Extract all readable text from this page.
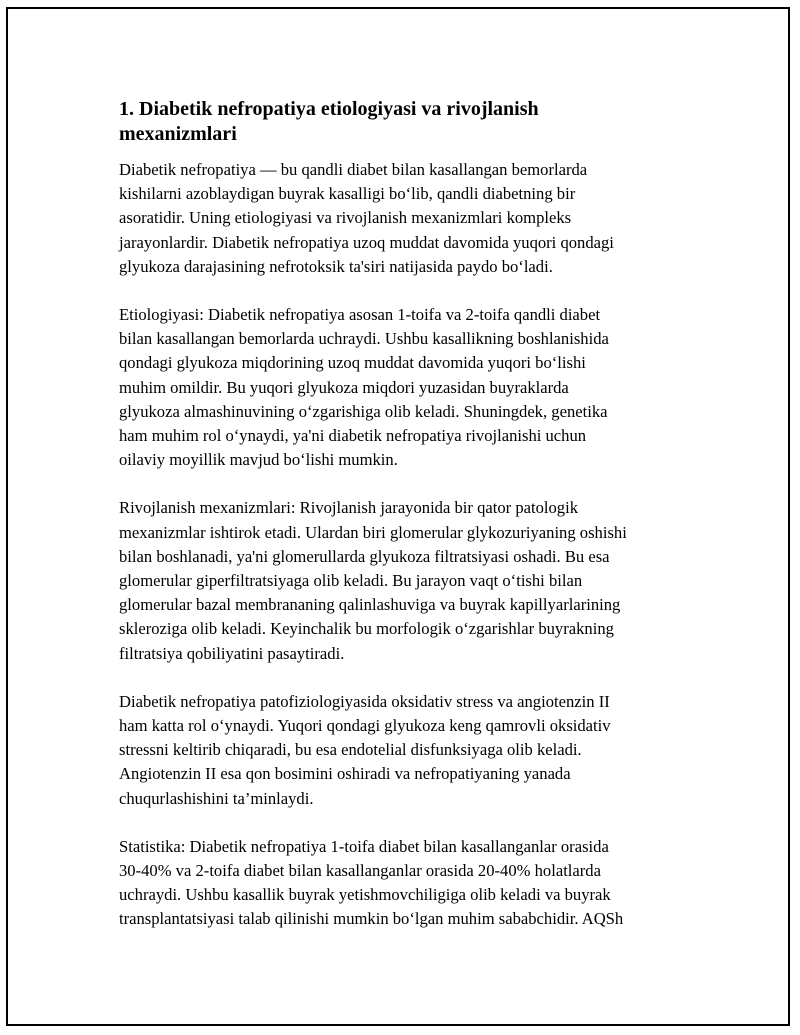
1. Diabetik nefropatiya etiologiyasi va rivojlanish
mexanizmlari

Diabetik nefropatiya — bu qandli diabet bilan kasallangan bemorlarda
kishilarni azoblaydigan buyrak kasalligi bo‘lib, qandli diabetning bir
asoratidir. Uning etiologiyasi va rivojlanish mexanizmlari kompleks
jarayonlardir. Diabetik nefropatiya uzoq muddat davomida yuqori qondagi
glyukoza darajasining nefrotoksik ta'siri natijasida paydo bo‘ladi.

Etiologiyasi: Diabetik nefropatiya asosan 1-toifa va 2-toifa qandli diabet
bilan kasallangan bemorlarda uchraydi. Ushbu kasallikning boshlanishida
qondagi glyukoza miqdorining uzoq muddat davomida yuqori bo‘lishi
muhim omildir. Bu yuqori glyukoza miqdori yuzasidan buyraklarda
glyukoza almashinuvining o‘zgarishiga olib keladi. Shuningdek, genetika
ham muhim rol o‘ynaydi, ya'ni diabetik nefropatiya rivojlanishi uchun
oilaviy moyillik mavjud bo‘lishi mumkin.

Rivojlanish mexanizmlari: Rivojlanish jarayonida bir qator patologik
mexanizmlar ishtirok etadi. Ulardan biri glomerular glykozuriyaning oshishi
bilan boshlanadi, ya'ni glomerullarda glyukoza filtratsiyasi oshadi. Bu esa
glomerular giperfiltratsiyaga olib keladi. Bu jarayon vaqt o‘tishi bilan
glomerular bazal membrananing qalinlashuviga va buyrak kapillyarlarining
skleroziga olib keladi. Keyinchalik bu morfologik o‘zgarishlar buyrakning
filtratsiya qobiliyatini pasaytiradi.

Diabetik nefropatiya patofiziologiyasida oksidativ stress va angiotenzin II
ham katta rol o‘ynaydi. Yuqori qondagi glyukoza keng qamrovli oksidativ
stressni keltirib chiqaradi, bu esa endotelial disfunksiyaga olib keladi.
Angiotenzin II esa qon bosimini oshiradi va nefropatiyaning yanada
chuqurlashishini ta’minlaydi.

Statistika: Diabetik nefropatiya 1-toifa diabet bilan kasallanganlar orasida
30-40% va 2-toifa diabet bilan kasallanganlar orasida 20-40% holatlarda
uchraydi. Ushbu kasallik buyrak yetishmovchiligiga olib keladi va buyrak
transplantatsiyasi talab qilinishi mumkin bo‘lgan muhim sababchidir. AQSh
